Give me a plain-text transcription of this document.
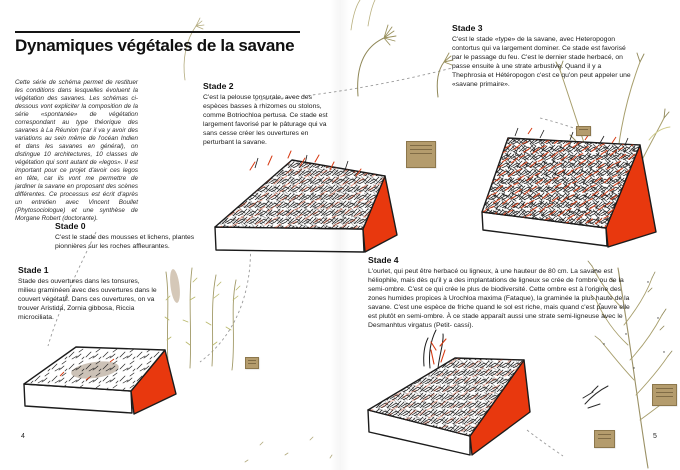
Dynamiques végétales de la savane

Cette série de schéma permet de restituer les conditions dans lesquelles évoluent la végétation des savanes. Les schémas ci-dessous vont expliciter la composition de la série «spontanée» de végétation correspondant au type théorique des savanes à La Réunion (car il va y avoir des variations au sein même de l'océan Indien et dans les savanes en général), on distingue 10 architectures, 10 classes de végétation qui sont autant de «legos». Il est important pour ce projet d'avoir ces legos en tête, car ils vont me permettre de jardiner la savane en proposant des scènes différentes. Ce processus est écrit d'après un entretien avec Vincent Boullet (Phytosociologue) et une synthèse de Morgane Robert (doctorante).

Stade 0

C'est le stade des mousses et lichens, plantes pionnières sur les roches affleurantes.

Stade 1

Stade des ouvertures dans les tonsures, milieu graminéen avec des ouvertures dans le couvert végétatif. Dans ces ouvertures, on va trouver Aristida, Zornia gibbosa, Riccia microciliata.

Stade 2

C'est la pelouse tonsurale, avec des espèces basses à rhizomes ou stolons, comme Botriochloa pertusa. Ce stade est largement favorisé par le pâturage qui va sans cesse créer les ouvertures en perturbant la savane.

Stade 3

C'est le stade «type» de la savane, avec Heteropogon contortus qui va largement dominer. Ce stade est favorisé par le passage du feu. C'est le dernier stade herbacé, on passe ensuite à une strate arbustive. Quand il y a Thephrosia et Hétéropogon c'est ce qu'on peut appeler une «savane primaire».

Stade 4

L'ourlet, qui peut être herbacé ou ligneux, à une hauteur de 80 cm. La savane est héliophile, mais dès qu'il y a des implantations de ligneux se crée de l'ombre ou de la semi-ombre. C'est ce qui crée le plus de biodiversité. Cette ombre est à l'origine des zones humides propices à Urochloa maxima (Fataque), la graminée la plus haute de la savane. C'est une espèce de friche quand le sol est riche, mais quand c'est pauvre elle est plutôt en semi-ombre. À ce stade apparaît aussi une strate semi-ligneuse avec le Desmanhtus virgatus (Petit- cassi).

4	5
